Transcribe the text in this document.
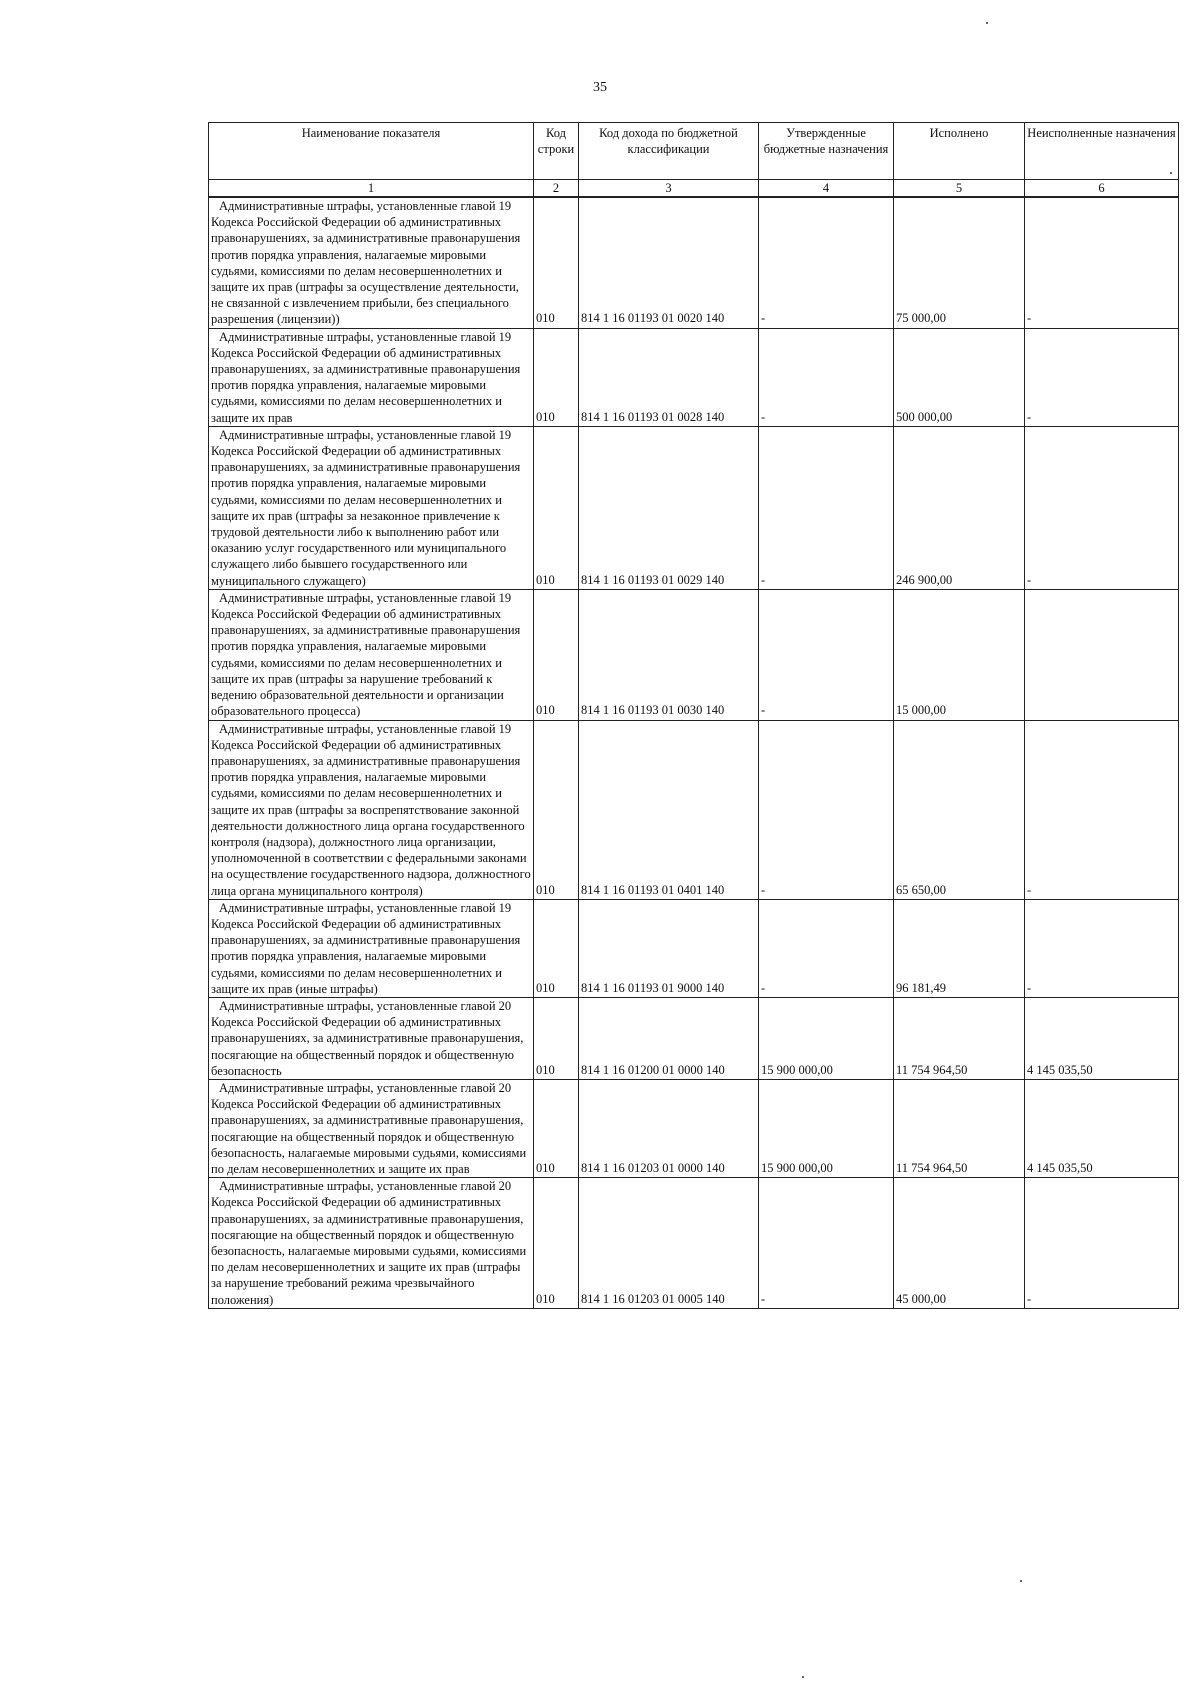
35
Наименование показателя	Код строки	Код дохода по бюджетной классификации	Утвержденные бюджетные назначения	Исполнено	Неисполненные назначения
1	2	3	4	5	6

Административные штрафы, установленные главой 19 Кодекса Российской Федерации об административных правонарушениях, за административные правонарушения против порядка управления, налагаемые мировыми судьями, комиссиями по делам несовершеннолетних и защите их прав (штрафы за осуществление деятельности, не связанной с извлечением прибыли, без специального разрешения (лицензии))	010	814 1 16 01193 01 0020 140	-	75 000,00	-

Административные штрафы, установленные главой 19 Кодекса Российской Федерации об административных правонарушениях, за административные правонарушения против порядка управления, налагаемые мировыми судьями, комиссиями по делам несовершеннолетних и защите их прав	010	814 1 16 01193 01 0028 140	-	500 000,00	-

Административные штрафы, установленные главой 19 Кодекса Российской Федерации об административных правонарушениях, за административные правонарушения против порядка управления, налагаемые мировыми судьями, комиссиями по делам несовершеннолетних и защите их прав (штрафы за незаконное привлечение к трудовой деятельности либо к выполнению работ или оказанию услуг государственного или муниципального служащего либо бывшего государственного или муниципального служащего)	010	814 1 16 01193 01 0029 140	-	246 900,00	-

Административные штрафы, установленные главой 19 Кодекса Российской Федерации об административных правонарушениях, за административные правонарушения против порядка управления, налагаемые мировыми судьями, комиссиями по делам несовершеннолетних и защите их прав (штрафы за нарушение требований к ведению образовательной деятельности и организации образовательного процесса)	010	814 1 16 01193 01 0030 140	-	15 000,00	

Административные штрафы, установленные главой 19 Кодекса Российской Федерации об административных правонарушениях, за административные правонарушения против порядка управления, налагаемые мировыми судьями, комиссиями по делам несовершеннолетних и защите их прав (штрафы за воспрепятствование законной деятельности должностного лица органа государственного контроля (надзора), должностного лица организации, уполномоченной в соответствии с федеральными законами на осуществление государственного надзора, должностного лица органа муниципального контроля)	010	814 1 16 01193 01 0401 140	-	65 650,00	-

Административные штрафы, установленные главой 19 Кодекса Российской Федерации об административных правонарушениях, за административные правонарушения против порядка управления, налагаемые мировыми судьями, комиссиями по делам несовершеннолетних и защите их прав (иные штрафы)	010	814 1 16 01193 01 9000 140	-	96 181,49	-

Административные штрафы, установленные главой 20 Кодекса Российской Федерации об административных правонарушениях, за административные правонарушения, посягающие на общественный порядок и общественную безопасность	010	814 1 16 01200 01 0000 140	15 900 000,00	11 754 964,50	4 145 035,50

Административные штрафы, установленные главой 20 Кодекса Российской Федерации об административных правонарушениях, за административные правонарушения, посягающие на общественный порядок и общественную безопасность, налагаемые мировыми судьями, комиссиями по делам несовершеннолетних и защите их прав	010	814 1 16 01203 01 0000 140	15 900 000,00	11 754 964,50	4 145 035,50

Административные штрафы, установленные главой 20 Кодекса Российской Федерации об административных правонарушениях, за административные правонарушения, посягающие на общественный порядок и общественную безопасность, налагаемые мировыми судьями, комиссиями по делам несовершеннолетних и защите их прав (штрафы за нарушение требований режима чрезвычайного положения)	010	814 1 16 01203 01 0005 140	-	45 000,00	-
